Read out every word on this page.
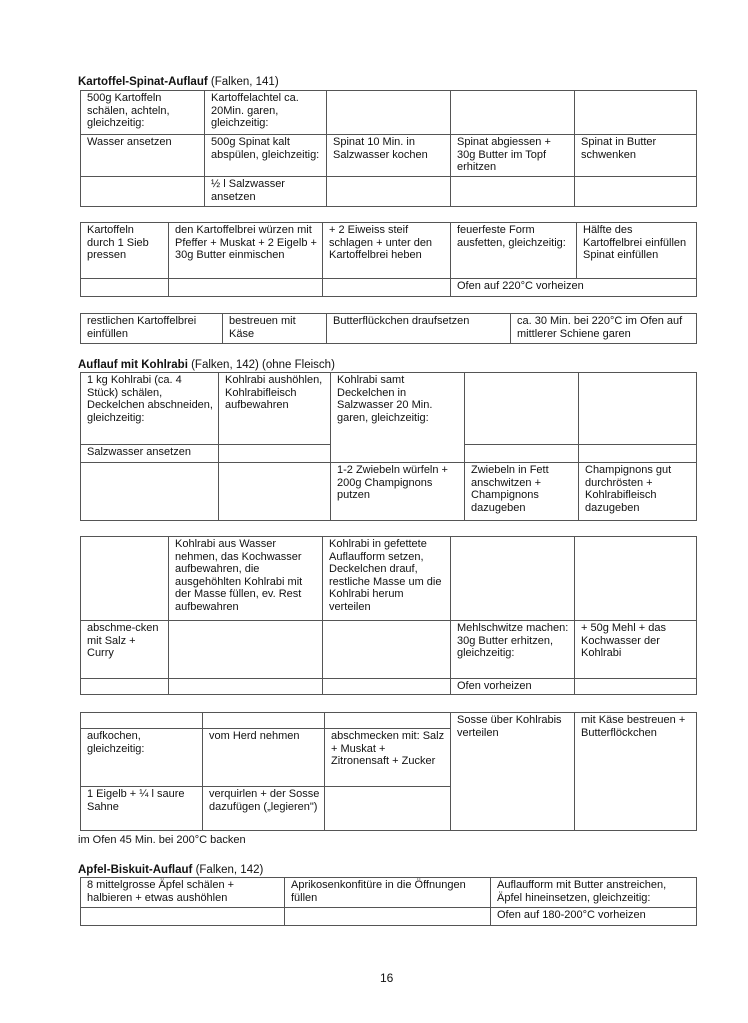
Kartoffel-Spinat-Auflauf (Falken, 141)
500g Kartoffeln schälen, achteln, gleichzeitig:	Kartoffelachtel ca. 20Min. garen, gleichzeitig:			
Wasser ansetzen	500g Spinat kalt abspülen, gleichzeitig:	Spinat 10 Min. in Salzwasser kochen	Spinat abgiessen + 30g Butter im Topf erhitzen	Spinat in Butter schwenken
	½ l Salzwasser ansetzen			
Kartoffeln durch 1 Sieb pressen	den Kartoffelbrei würzen mit Pfeffer + Muskat + 2 Eigelb + 30g Butter einmischen	+ 2 Eiweiss steif schlagen + unter den Kartoffelbrei heben	feuerfeste Form ausfetten, gleichzeitig:	Hälfte des Kartoffelbrei einfüllen Spinat einfüllen
			Ofen auf 220°C vorheizen	
restlichen Kartoffelbrei einfüllen	bestreuen mit Käse	Butterflückchen draufsetzen	ca. 30 Min. bei 220°C im Ofen auf mittlerer Schiene garen
Auflauf mit Kohlrabi (Falken, 142) (ohne Fleisch)
1 kg Kohlrabi (ca. 4 Stück) schälen, Deckelchen abschneiden, gleichzeitig:	Kohlrabi aushöhlen, Kohlrabifleisch aufbewahren	Kohlrabi samt Deckelchen in Salzwasser 20 Min. garen, gleichzeitig:		
Salzwasser ansetzen				
		1-2 Zwiebeln würfeln + 200g Champignons putzen	Zwiebeln in Fett anschwitzen + Champignons dazugeben	Champignons gut durchrösten + Kohlrabifleisch dazugeben
	Kohlrabi aus Wasser nehmen, das Kochwasser aufbewahren, die ausgehöhlten Kohlrabi mit der Masse füllen, ev. Rest aufbewahren	Kohlrabi in gefettete Auflaufform setzen, Deckelchen drauf, restliche Masse um die Kohlrabi herum verteilen		
abschme-cken mit Salz + Curry			Mehlschwitze machen: 30g Butter erhitzen, gleichzeitig:	+ 50g Mehl + das Kochwasser der Kohlrabi
			Ofen vorheizen	
			Sosse über Kohlrabis verteilen	mit Käse bestreuen + Butterflöckchen
aufkochen, gleichzeitig:	vom Herd nehmen	abschmecken mit: Salz + Muskat + Zitronensaft + Zucker		
1 Eigelb + ¼ l saure Sahne	verquirlen + der Sosse dazufügen („legieren")			
im Ofen 45 Min. bei 200°C backen
Apfel-Biskuit-Auflauf (Falken, 142)
8 mittelgrosse Äpfel schälen + halbieren + etwas aushöhlen	Aprikosenkonfitüre in die Öffnungen füllen	Auflaufform mit Butter anstreichen, Äpfel hineinsetzen, gleichzeitig:
		Ofen auf 180-200°C vorheizen
16
